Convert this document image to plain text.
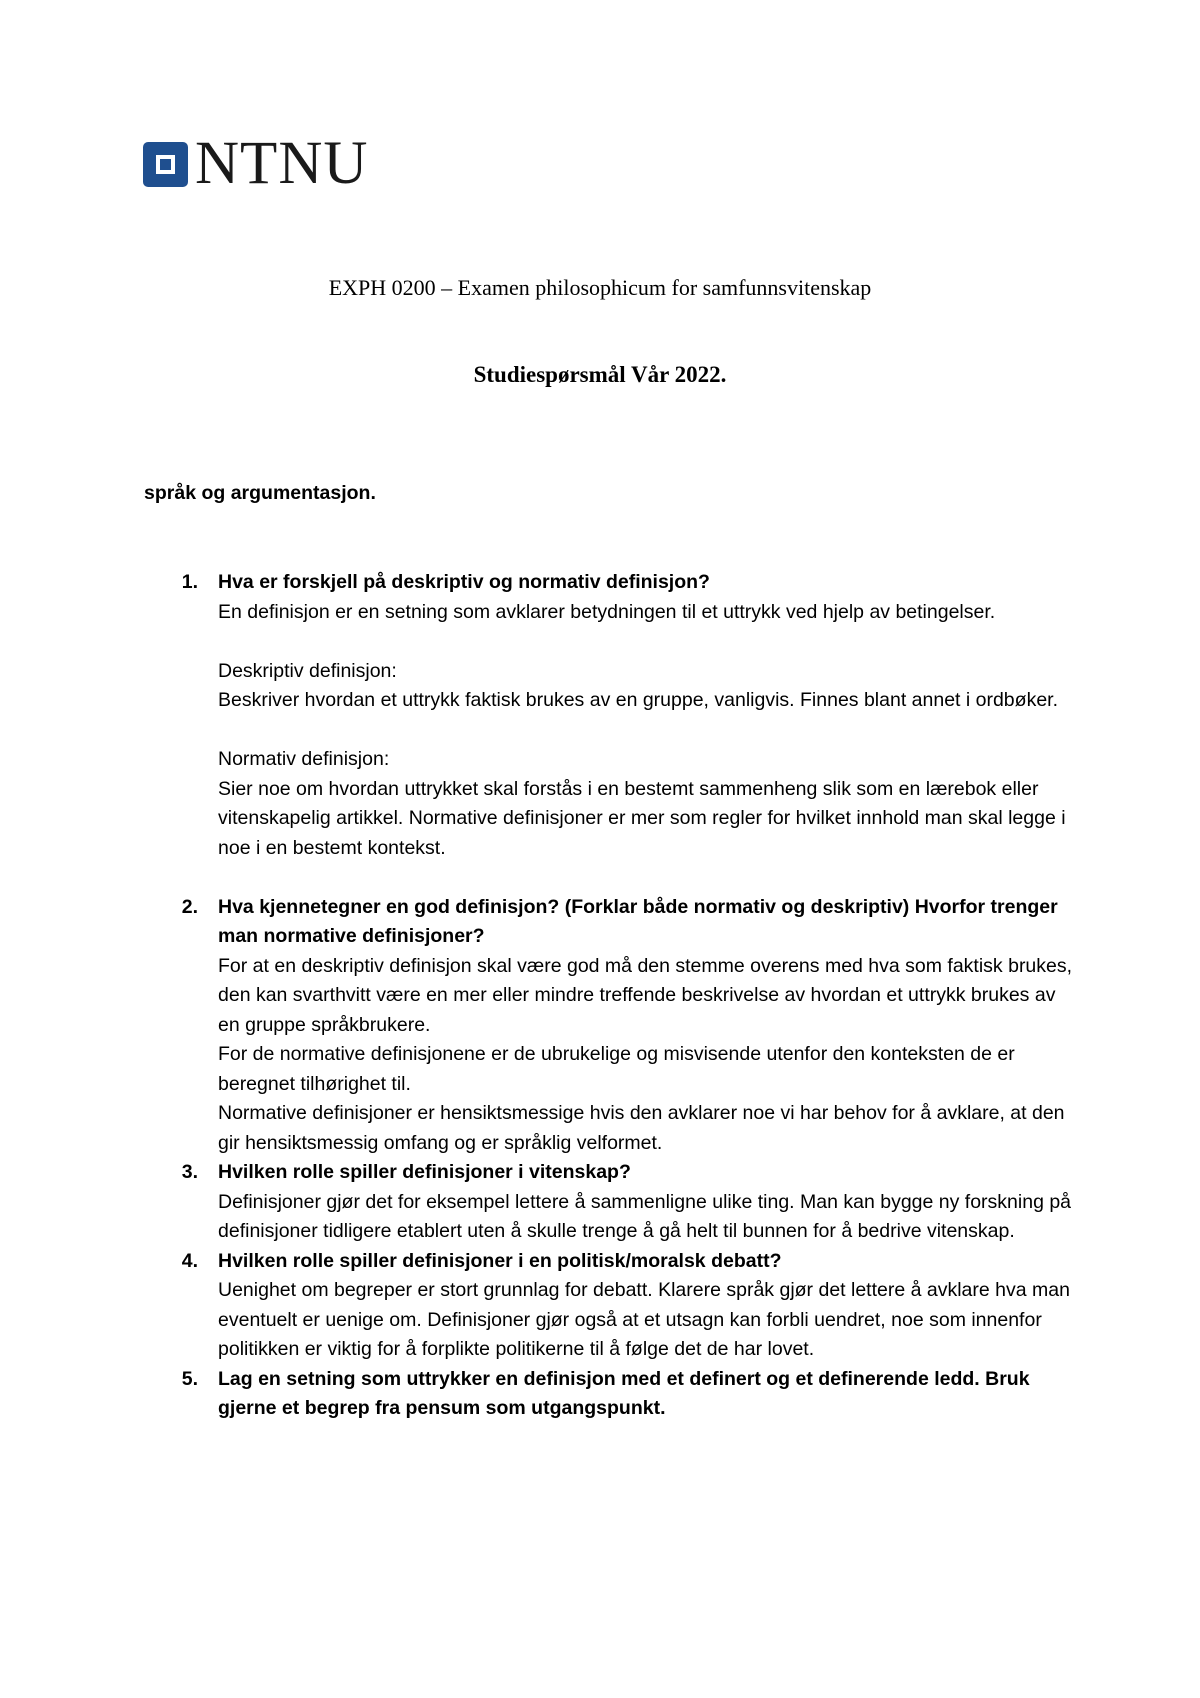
NTNU
EXPH 0200 – Examen philosophicum for samfunnsvitenskap
Studiespørsmål Vår 2022.
språk og argumentasjon.
1.	Hva er forskjell på deskriptiv og normativ definisjon?

En definisjon er en setning som avklarer betydningen til et uttrykk ved hjelp av betingelser.

Deskriptiv definisjon:

Beskriver hvordan et uttrykk faktisk brukes av en gruppe, vanligvis. Finnes blant annet i ordbøker.

Normativ definisjon:

Sier noe om hvordan uttrykket skal forstås i en bestemt sammenheng slik som en lærebok eller vitenskapelig artikkel. Normative definisjoner er mer som regler for hvilket innhold man skal legge i noe i en bestemt kontekst.

2.	Hva kjennetegner en god definisjon? (Forklar både normativ og deskriptiv) Hvorfor trenger man normative definisjoner?

For at en deskriptiv definisjon skal være god må den stemme overens med hva som faktisk brukes, den kan svarthvitt være en mer eller mindre treffende beskrivelse av hvordan et uttrykk brukes av en gruppe språkbrukere.

For de normative definisjonene er de ubrukelige og misvisende utenfor den konteksten de er beregnet tilhørighet til.

Normative definisjoner er hensiktsmessige hvis den avklarer noe vi har behov for å avklare, at den gir hensiktsmessig omfang og er språklig velformet.

3.	Hvilken rolle spiller definisjoner i vitenskap?

Definisjoner gjør det for eksempel lettere å sammenligne ulike ting. Man kan bygge ny forskning på definisjoner tidligere etablert uten å skulle trenge å gå helt til bunnen for å bedrive vitenskap.

4.	Hvilken rolle spiller definisjoner i en politisk/moralsk debatt?

Uenighet om begreper er stort grunnlag for debatt. Klarere språk gjør det lettere å avklare hva man eventuelt er uenige om. Definisjoner gjør også at et utsagn kan forbli uendret, noe som innenfor politikken er viktig for å forplikte politikerne til å følge det de har lovet.

5.	Lag en setning som uttrykker en definisjon med et definert og et definerende ledd. Bruk gjerne et begrep fra pensum som utgangspunkt.
